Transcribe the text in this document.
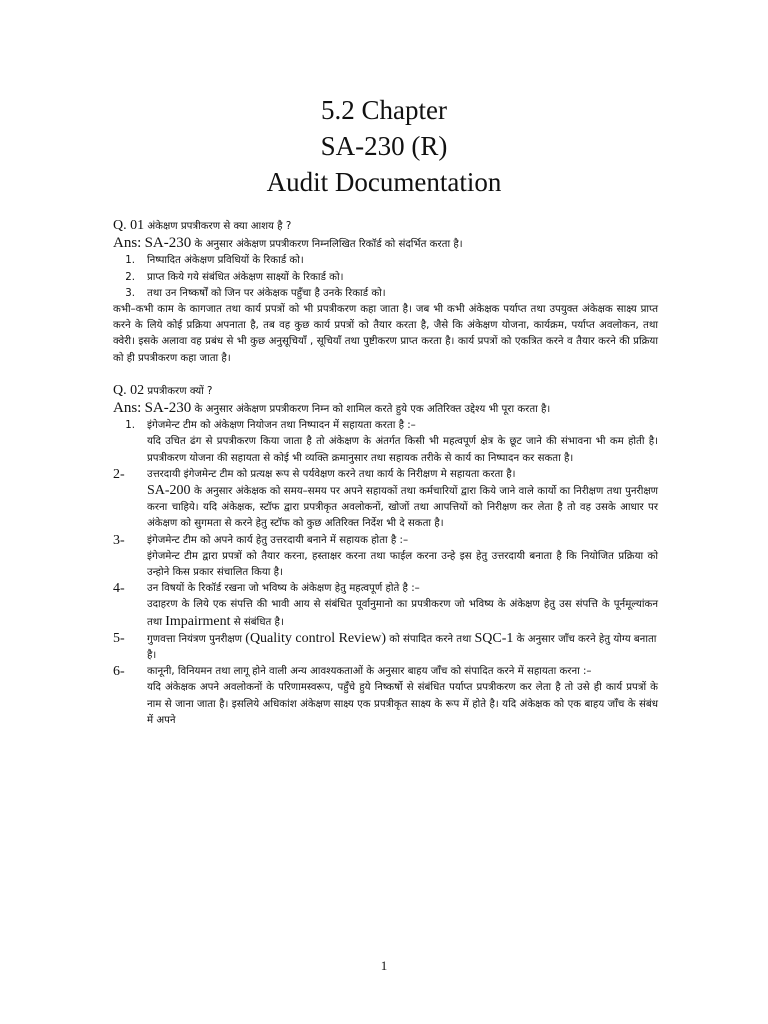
5.2 Chapter
SA-230 (R)
Audit Documentation

Q. 01 अंकेक्षण प्रपत्रीकरण से क्या आशय है ?

Ans: SA-230 के अनुसार अंकेक्षण प्रपत्रीकरण निम्नलिखित रिकॉर्ड को संदर्भित करता है।

1.	निष्पादित अंकेक्षण प्रविधियों के रिकार्ड को।
2.	प्राप्त किये गये संबंधित अंकेक्षण साक्ष्यों के रिकार्ड को।
3.	तथा उन निष्कर्षों को जिन पर अंकेक्षक पहुँचा है उनके रिकार्ड को।

कभी–कभी काम के कागजात तथा कार्य प्रपत्रों को भी प्रपत्रीकरण कहा जाता है। जब भी कभी अंकेक्षक पर्याप्त तथा उपयुक्त अंकेक्षक साक्ष्य प्राप्त करने के लिये कोई प्रक्रिया अपनाता है, तब वह कुछ कार्य प्रपत्रों को तैयार करता है, जैसे कि अंकेक्षण योजना, कार्यक्रम, पर्याप्त अवलोकन, तथा क्वेरी। इसके अलावा वह प्रबंध से भी कुछ अनुसूचियाँ , सूचियाँ तथा पुष्टीकरण प्राप्त करता है। कार्य प्रपत्रों को एकत्रित करने व तैयार करने की प्रक्रिया को ही प्रपत्रीकरण कहा जाता है।

Q. 02 प्रपत्रीकरण क्यों ?

Ans: SA-230 के अनुसार अंकेक्षण प्रपत्रीकरण निम्न को शामिल करते हुये एक अतिरिक्त उद्देश्य भी पूरा करता है।

1.	इंगेजमेन्ट टीम को अंकेक्षण नियोजन तथा निष्पादन में सहायता करता है :–

यदि उचित ढंग से प्रपत्रीकरण किया जाता है तो अंकेक्षण के अंतर्गत किसी भी महत्वपूर्ण क्षेत्र के छूट जाने की संभावना भी कम होती है। प्रपत्रीकरण योजना की सहायता से कोई भी व्यक्ति क्रमानुसार तथा सहायक तरीके से कार्य का निष्पादन कर सकता है।

2-	उत्तरदायी इंगेजमेन्ट टीम को प्रत्यक्ष रूप से पर्यवेक्षण करने तथा कार्य के निरीक्षण मे सहायता करता है।

SA-200 के अनुसार अंकेक्षक को समय–समय पर अपने सहायकों तथा कर्मचारियों द्वारा किये जाने वाले कार्यो का निरीक्षण तथा पुनरीक्षण करना चाहिये। यदि अंकेक्षक, स्टॉफ द्वारा प्रपत्रीकृत अवलोकनों, खोजों तथा आपत्तियों को निरीक्षण कर लेता है तो वह उसके आधार पर अंकेक्षण को सुगमता से करने हेतु स्टॉफ को कुछ अतिरिक्त निर्देश भी दे सकता है।

3-	इंगेजमेन्ट टीम को अपने कार्य हेतु उत्तरदायी बनाने में सहायक होता है :–

इंगेजमेन्ट टीम द्वारा प्रपत्रों को तैयार करना, हस्ताक्षर करना तथा फाईल करना उन्हे इस हेतु उत्तरदायी बनाता है कि नियोजित प्रक्रिया को उन्होने किस प्रकार संचालित किया है।

4-	उन विषयों के रिकॉर्ड रखना जो भविष्य के अंकेक्षण हेतु महत्वपूर्ण होते है :–

उदाहरण के लिये एक संपत्ति की भावी आय से संबंधित पूर्वानुमानो का प्रपत्रीकरण जो भविष्य के अंकेक्षण हेतु उस संपत्ति के पूर्नमूल्यांकन तथा Impairment से संबंधित है।

5-	गुणवत्ता नियंत्रण पुनरीक्षण (Quality control Review) को संपादित करने तथा SQC-1 के अनुसार जाँच करने हेतु योग्य बनाता है।
6-	कानूनी, विनियमन तथा लागू होने वाली अन्य आवश्यकताओं के अनुसार बाहय जाँच को संपादित करने में सहायता करना :–

यदि अंकेक्षक अपने अवलोकनों के परिणामस्वरूप, पहुँचे हुये निष्कर्षो से संबंधित पर्याप्त प्रपत्रीकरण कर लेता है तो उसे ही कार्य प्रपत्रों के नाम से जाना जाता है। इसलिये अधिकांश अंकेक्षण साक्ष्य एक प्रपत्रीकृत साक्ष्य के रूप में होते है। यदि अंकेक्षक को एक बाहय जाँच के संबंध में अपने

1
